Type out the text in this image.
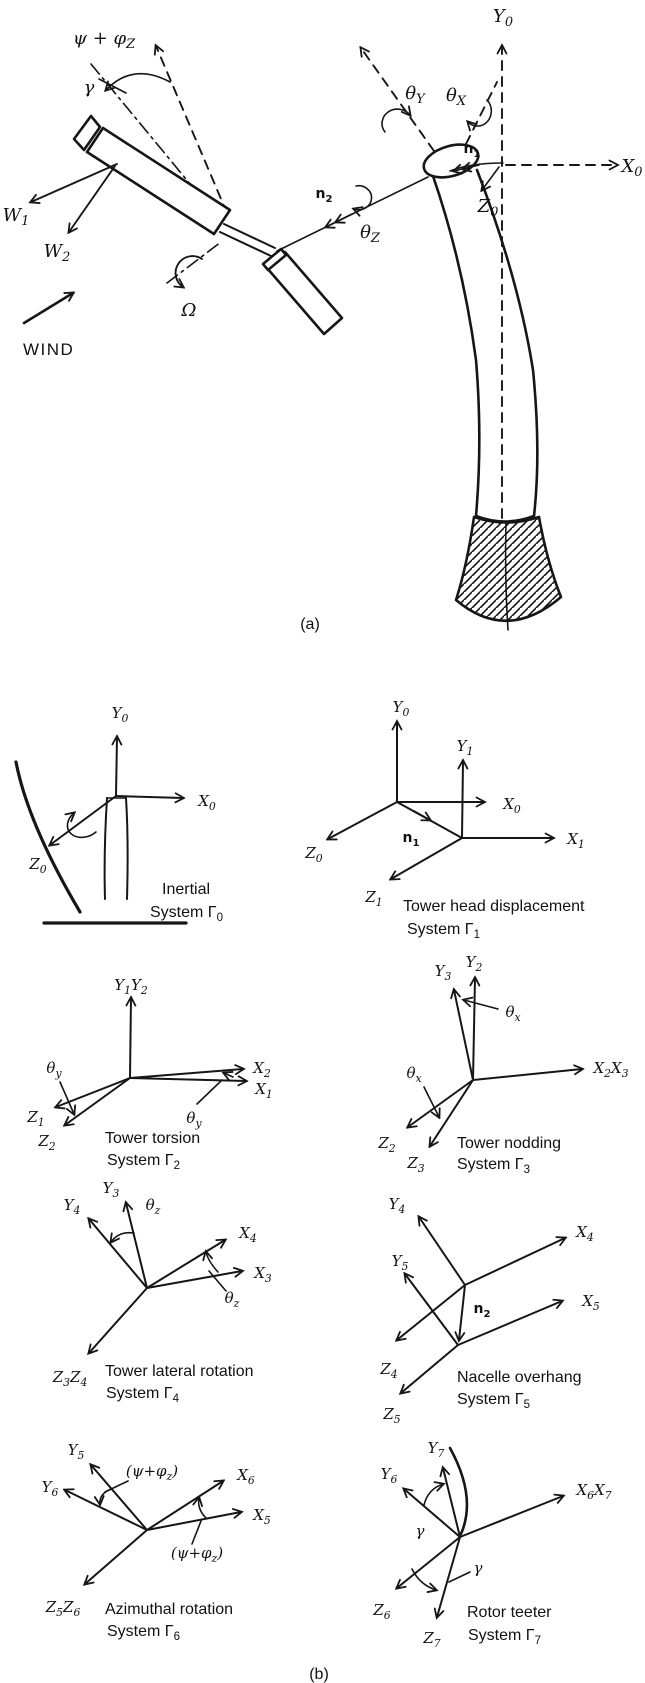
$\psi + \varphi_Z$
γ
$W_1$
$W_2$
Ω
WIND
$n_2$
$\theta_Z$
$\theta_Y$ $\theta_X$
$n_1$
$Y_0$
$X_0$
$Z_0$
(a)
$Y_0$
$X_0$
$Z_0$
Inertial
System $\Gamma_0$
$Y_0$
$X_0$
$Z_0$
$n_1$
$Y_1$
$X_1$
$Z_1$ Tower head displacement
System $\Gamma_1$
$Y_1Y_2$
$X_2$
$X_1$
$Z_1$
$Z_2$
$\theta_y$
$\theta_y$
Tower torsion
System $\Gamma_2$
$Y_3$
$Y_2$
$X_2X_3$
$Z_2$
$Z_3$
$\theta_x$
$\theta_x$
Tower nodding
System $\Gamma_3$
$Y_3$
$Y_4$	$\theta_z$
$X_4$
$X_3$
$\theta_z$
$Z_3Z_4$
Tower lateral rotation
System $\Gamma_4$
$Y_4$
$X_4$
$Z_4$
$n_2$
$Y_5$
$X_5$
$Z_5$
Nacelle overhang
System $\Gamma_5$
$Y_5$
$Y_6$
$X_6$
$X_5$
$(\psi+\varphi_z)$
$(\psi+\varphi_z)$
$Z_5Z_6$ Azimuthal rotation
System $\Gamma_6$
$Y_7$
$Y_6$
$X_6X_7$
$Z_6$
$Z_7$
γ
γ
Rotor teeter
System $\Gamma_7$
(b)
